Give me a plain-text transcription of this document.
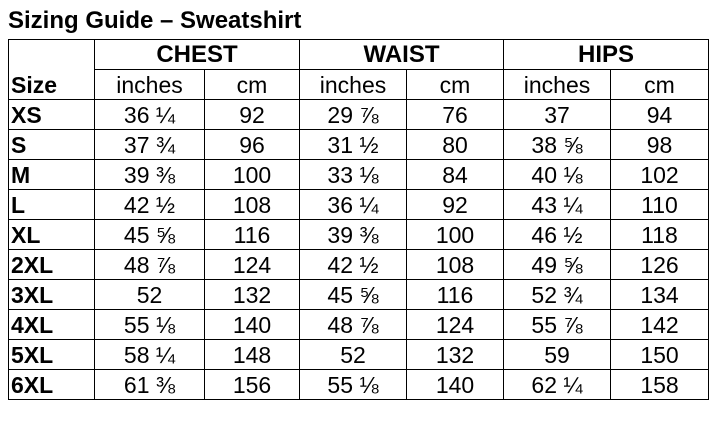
Sizing Guide – Sweatshirt
Size	CHEST		WAIST		HIPS	
	inches	cm	inches	cm	inches	cm
XS	36 ¼	92	29 ⅞	76	37	94
S	37 ¾	96	31 ½	80	38 ⅝	98
M	39 ⅜	100	33 ⅛	84	40 ⅛	102
L	42 ½	108	36 ¼	92	43 ¼	110
XL	45 ⅝	116	39 ⅜	100	46 ½	118
2XL	48 ⅞	124	42 ½	108	49 ⅝	126
3XL	52	132	45 ⅝	116	52 ¾	134
4XL	55 ⅛	140	48 ⅞	124	55 ⅞	142
5XL	58 ¼	148	52	132	59	150
6XL	61 ⅜	156	55 ⅛	140	62 ¼	158
